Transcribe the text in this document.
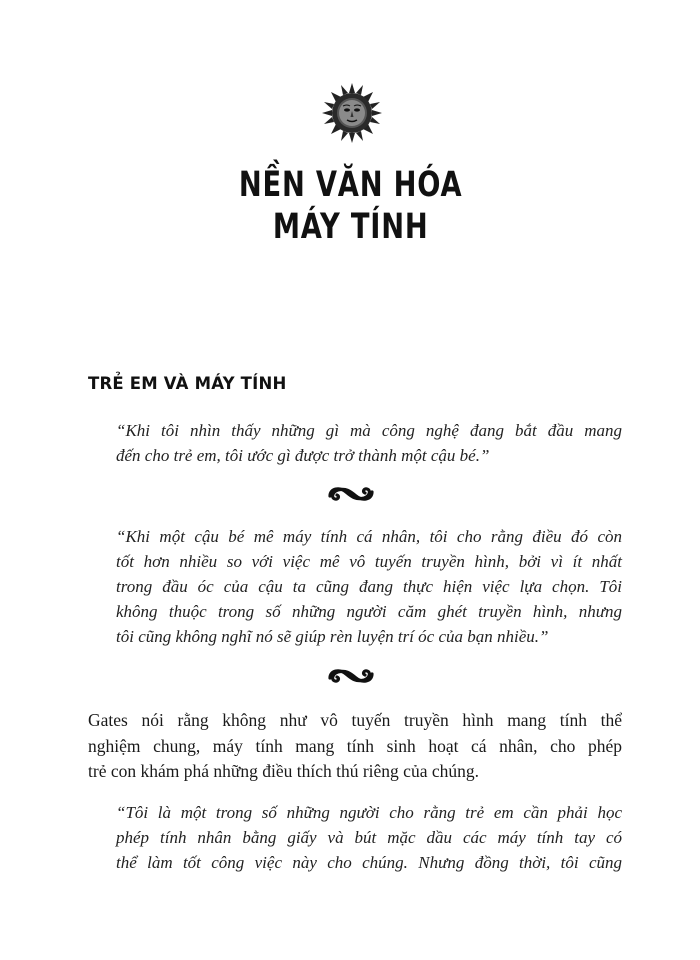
NỀN VĂN HÓA
MÁY TÍNH
TRẺ EM VÀ MÁY TÍNH
“Khi tôi nhìn thấy những gì mà công nghệ đang bắt đầu mang
đến cho trẻ em, tôi ước gì được trở thành một cậu bé.”
“Khi một cậu bé mê máy tính cá nhân, tôi cho rằng điều đó còn
tốt hơn nhiều so với việc mê vô tuyến truyền hình, bởi vì ít nhất
trong đầu óc của cậu ta cũng đang thực hiện việc lựa chọn. Tôi
không thuộc trong số những người căm ghét truyền hình, nhưng
tôi cũng không nghĩ nó sẽ giúp rèn luyện trí óc của bạn nhiều.”
Gates nói rằng không như vô tuyến truyền hình mang tính thể
nghiệm chung, máy tính mang tính sinh hoạt cá nhân, cho phép
trẻ con khám phá những điều thích thú riêng của chúng.
“Tôi là một trong số những người cho rằng trẻ em cần phải học
phép tính nhân bằng giấy và bút mặc dầu các máy tính tay có
thể làm tốt công việc này cho chúng. Nhưng đồng thời, tôi cũng
